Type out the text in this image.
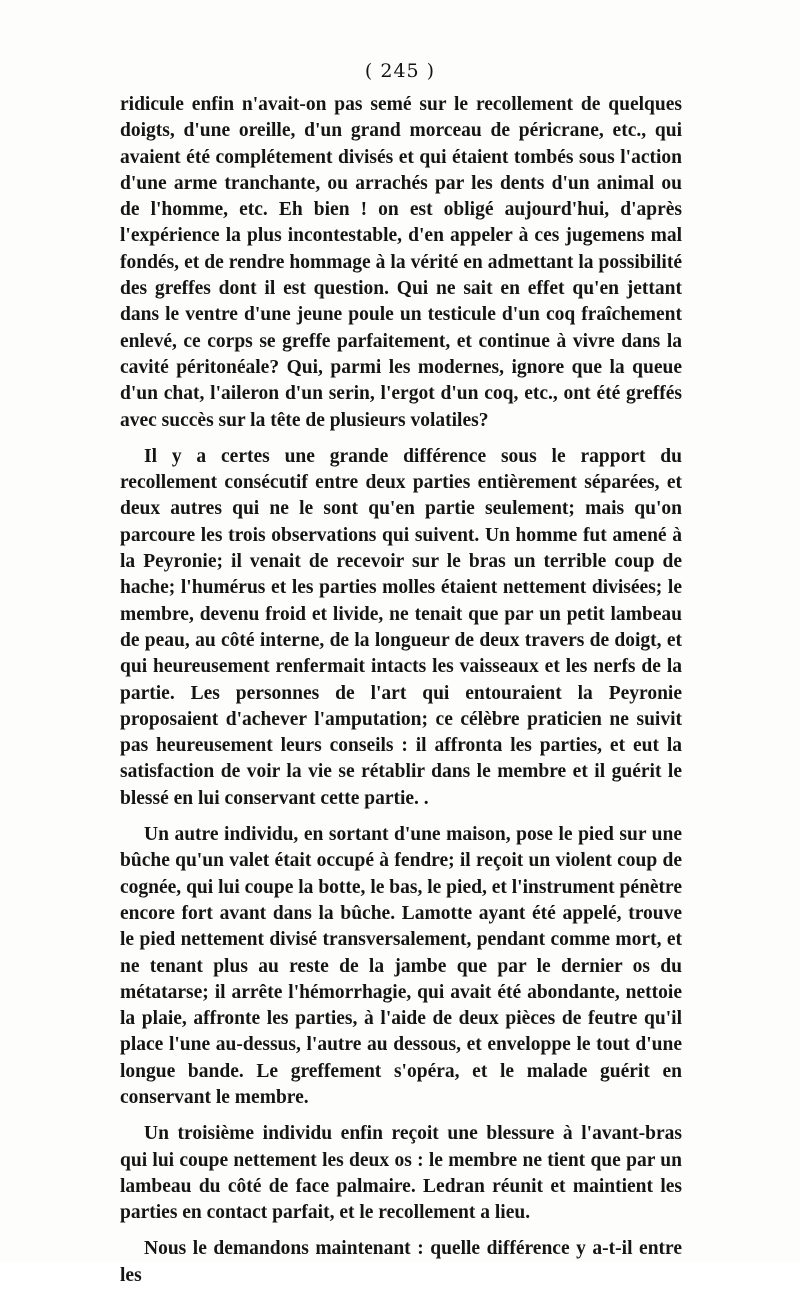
( 245 )

ridicule enfin n'avait-on pas semé sur le recollement de quelques doigts, d'une oreille, d'un grand morceau de péricrane, etc., qui avaient été complétement divisés et qui étaient tombés sous l'action d'une arme tranchante, ou arrachés par les dents d'un animal ou de l'homme, etc. Eh bien ! on est obligé aujourd'hui, d'après l'expérience la plus incontestable, d'en appeler à ces jugemens mal fondés, et de rendre hommage à la vérité en admettant la possibilité des greffes dont il est question. Qui ne sait en effet qu'en jettant dans le ventre d'une jeune poule un testicule d'un coq fraîchement enlevé, ce corps se greffe parfaitement, et continue à vivre dans la cavité péritonéale? Qui, parmi les modernes, ignore que la queue d'un chat, l'aileron d'un serin, l'ergot d'un coq, etc., ont été greffés avec succès sur la tête de plusieurs volatiles?

Il y a certes une grande différence sous le rapport du recollement consécutif entre deux parties entièrement séparées, et deux autres qui ne le sont qu'en partie seulement; mais qu'on parcoure les trois observations qui suivent. Un homme fut amené à la Peyronie; il venait de recevoir sur le bras un terrible coup de hache; l'humérus et les parties molles étaient nettement divisées; le membre, devenu froid et livide, ne tenait que par un petit lambeau de peau, au côté interne, de la longueur de deux travers de doigt, et qui heureusement renfermait intacts les vaisseaux et les nerfs de la partie. Les personnes de l'art qui entouraient la Peyronie proposaient d'achever l'amputation; ce célèbre praticien ne suivit pas heureusement leurs conseils : il affronta les parties, et eut la satisfaction de voir la vie se rétablir dans le membre et il guérit le blessé en lui conservant cette partie. .

Un autre individu, en sortant d'une maison, pose le pied sur une bûche qu'un valet était occupé à fendre; il reçoit un violent coup de cognée, qui lui coupe la botte, le bas, le pied, et l'instrument pénètre encore fort avant dans la bûche. Lamotte ayant été appelé, trouve le pied nettement divisé transversalement, pendant comme mort, et ne tenant plus au reste de la jambe que par le dernier os du métatarse; il arrête l'hémorrhagie, qui avait été abondante, nettoie la plaie, affronte les parties, à l'aide de deux pièces de feutre qu'il place l'une au-dessus, l'autre au dessous, et enveloppe le tout d'une longue bande. Le greffement s'opéra, et le malade guérit en conservant le membre.

Un troisième individu enfin reçoit une blessure à l'avant-bras qui lui coupe nettement les deux os : le membre ne tient que par un lambeau du côté de face palmaire. Ledran réunit et maintient les parties en contact parfait, et le recollement a lieu.

Nous le demandons maintenant : quelle différence y a-t-il entre les
